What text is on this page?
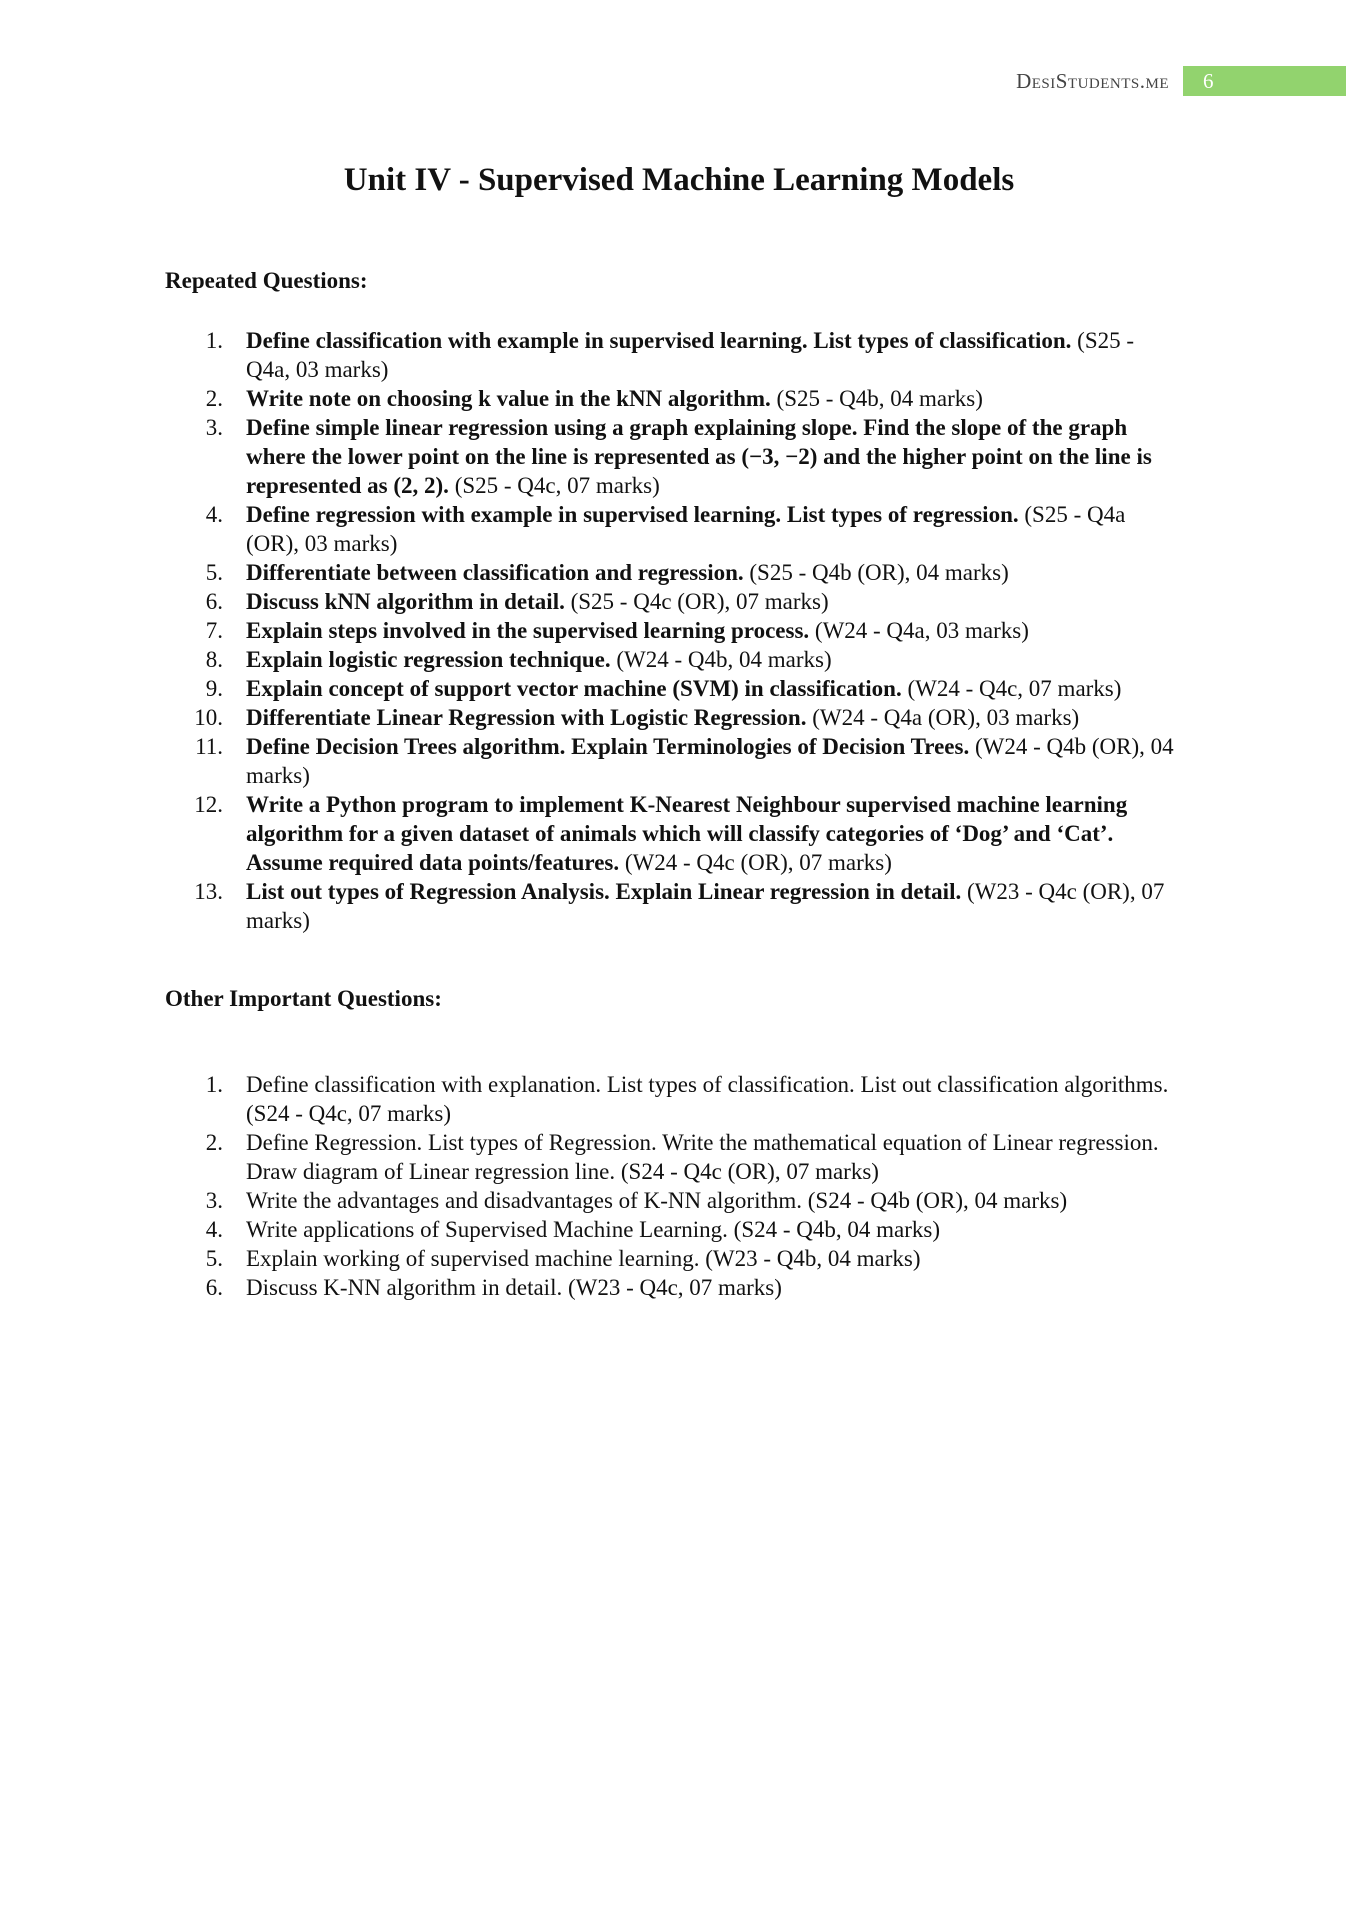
DesiStudents.me	6
Unit IV - Supervised Machine Learning Models
Repeated Questions:
1. Define classification with example in supervised learning. List types of classification. (S25 - Q4a, 03 marks)
2. Write note on choosing k value in the kNN algorithm. (S25 - Q4b, 04 marks)
3. Define simple linear regression using a graph explaining slope. Find the slope of the graph where the lower point on the line is represented as (−3, −2) and the higher point on the line is represented as (2, 2). (S25 - Q4c, 07 marks)
4. Define regression with example in supervised learning. List types of regression. (S25 - Q4a (OR), 03 marks)
5. Differentiate between classification and regression. (S25 - Q4b (OR), 04 marks)
6. Discuss kNN algorithm in detail. (S25 - Q4c (OR), 07 marks)
7. Explain steps involved in the supervised learning process. (W24 - Q4a, 03 marks)
8. Explain logistic regression technique. (W24 - Q4b, 04 marks)
9. Explain concept of support vector machine (SVM) in classification. (W24 - Q4c, 07 marks)
10. Differentiate Linear Regression with Logistic Regression. (W24 - Q4a (OR), 03 marks)
11. Define Decision Trees algorithm. Explain Terminologies of Decision Trees. (W24 - Q4b (OR), 04 marks)
12. Write a Python program to implement K-Nearest Neighbour supervised machine learning algorithm for a given dataset of animals which will classify categories of ‘Dog’ and ‘Cat’. Assume required data points/features. (W24 - Q4c (OR), 07 marks)
13. List out types of Regression Analysis. Explain Linear regression in detail. (W23 - Q4c (OR), 07 marks)
Other Important Questions:
1. Define classification with explanation. List types of classification. List out classification algorithms. (S24 - Q4c, 07 marks)
2. Define Regression. List types of Regression. Write the mathematical equation of Linear regression. Draw diagram of Linear regression line. (S24 - Q4c (OR), 07 marks)
3. Write the advantages and disadvantages of K-NN algorithm. (S24 - Q4b (OR), 04 marks)
4. Write applications of Supervised Machine Learning. (S24 - Q4b, 04 marks)
5. Explain working of supervised machine learning. (W23 - Q4b, 04 marks)
6. Discuss K-NN algorithm in detail. (W23 - Q4c, 07 marks)
